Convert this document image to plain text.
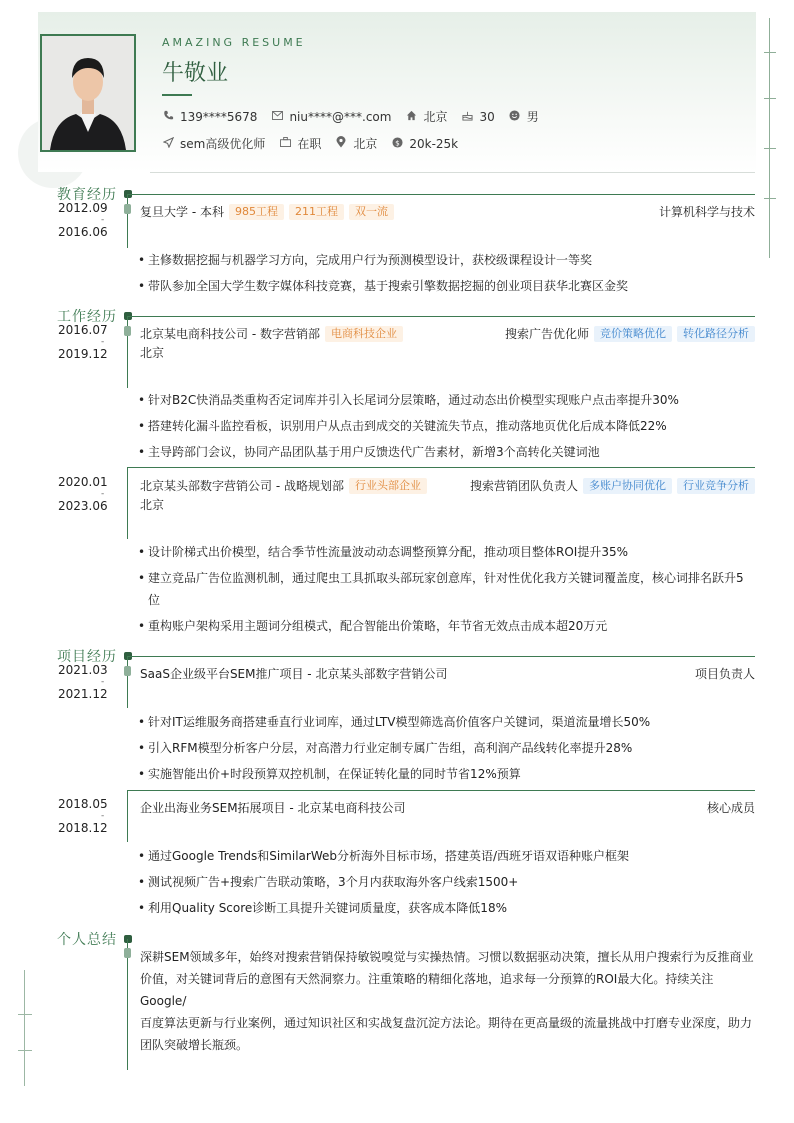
AMAZING RESUME
牛敬业
139****5678	niu****@***.com	北京	30	男
sem高级优化师	在职	北京 $ 20k-25k
教育经历
2012.09
-
2016.06
复旦大学 - 本科	985工程	211工程	双一流	计算机科学与技术
• 主修数据挖掘与机器学习方向，完成用户行为预测模型设计，获校级课程设计一等奖
• 带队参加全国大学生数字媒体科技竞赛，基于搜索引擎数据挖掘的创业项目获华北赛区金奖
工作经历
2016.07
-
2019.12
北京某电商科技公司 - 数字营销部	电商科技企业	搜索广告优化师	竞价策略优化	转化路径分析
北京
• 针对B2C快消品类重构否定词库并引入长尾词分层策略，通过动态出价模型实现账户点击率提升30%
• 搭建转化漏斗监控看板，识别用户从点击到成交的关键流失节点，推动落地页优化后成本降低22%
• 主导跨部门会议，协同产品团队基于用户反馈迭代广告素材，新增3个高转化关键词池
2020.01
-
2023.06
北京某头部数字营销公司 - 战略规划部	行业头部企业	搜索营销团队负责人	多账户协同优化	行业竞争分析
北京
• 设计阶梯式出价模型，结合季节性流量波动动态调整预算分配，推动项目整体ROI提升35%
• 建立竞品广告位监测机制，通过爬虫工具抓取头部玩家创意库，针对性优化我方关键词覆盖度，核心词排名跃升5
位
• 重构账户架构采用主题词分组模式，配合智能出价策略，年节省无效点击成本超20万元
项目经历
2021.03
-
2021.12
SaaS企业级平台SEM推广项目 - 北京某头部数字营销公司	项目负责人
• 针对IT运维服务商搭建垂直行业词库，通过LTV模型筛选高价值客户关键词，渠道流量增长50%
• 引入RFM模型分析客户分层，对高潜力行业定制专属广告组，高利润产品线转化率提升28%
• 实施智能出价+时段预算双控机制，在保证转化量的同时节省12%预算
2018.05
-
2018.12
企业出海业务SEM拓展项目 - 北京某电商科技公司	核心成员
• 通过Google Trends和SimilarWeb分析海外目标市场，搭建英语/西班牙语双语种账户框架
• 测试视频广告+搜索广告联动策略，3个月内获取海外客户线索1500+
• 利用Quality Score诊断工具提升关键词质量度，获客成本降低18%
个人总结
深耕SEM领域多年，始终对搜索营销保持敏锐嗅觉与实操热情。习惯以数据驱动决策，擅长从用户搜索行为反推商业
价值，对关键词背后的意图有天然洞察力。注重策略的精细化落地，追求每一分预算的ROI最大化。持续关注Google/
百度算法更新与行业案例，通过知识社区和实战复盘沉淀方法论。期待在更高量级的流量挑战中打磨专业深度，助力
团队突破增长瓶颈。
